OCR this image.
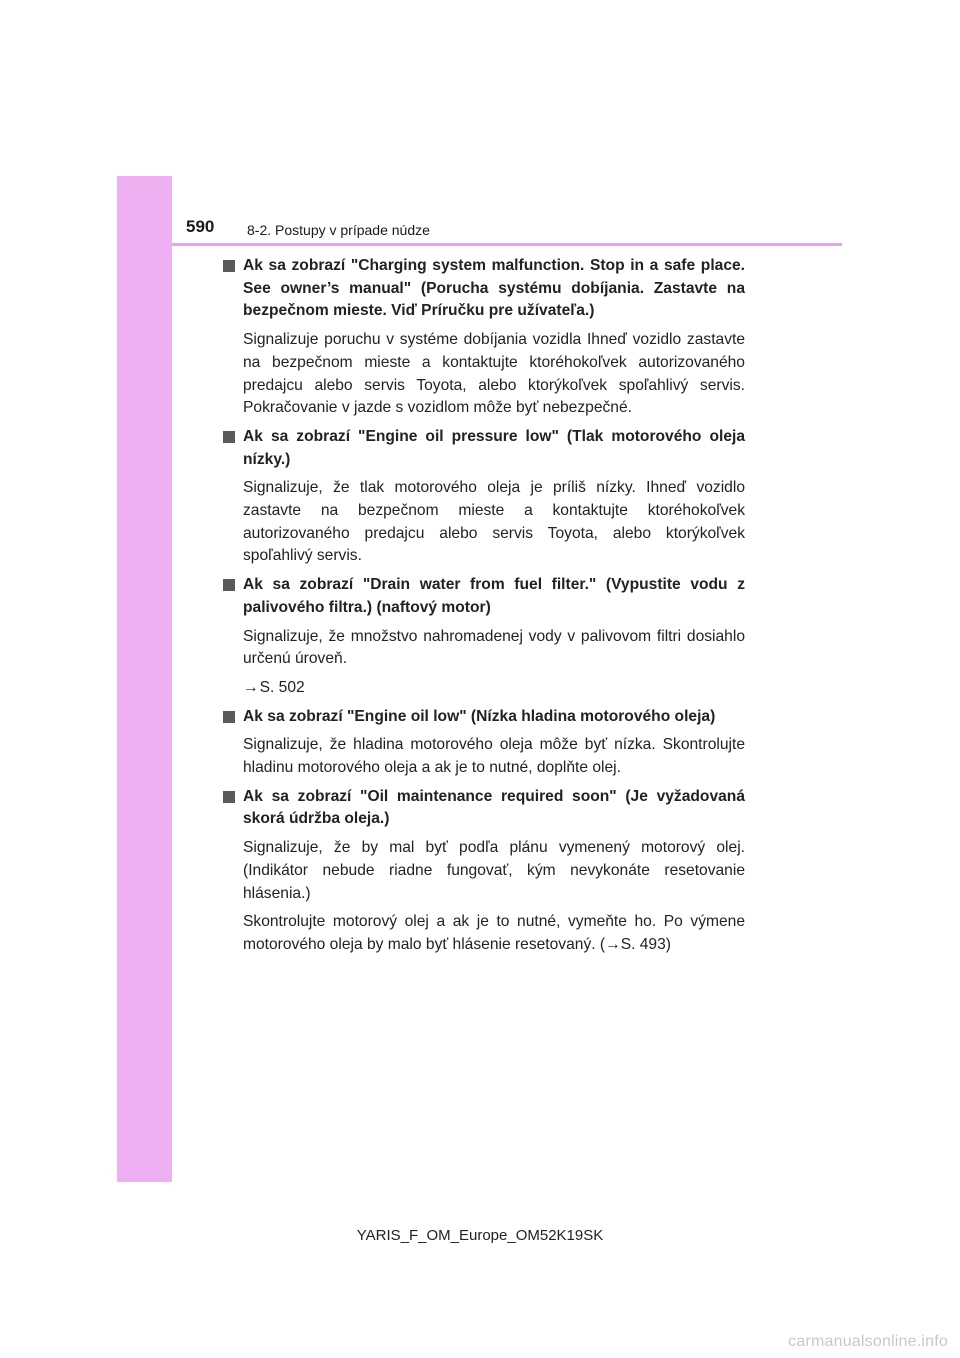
590 8-2. Postupy v prípade núdze
Ak sa zobrazí "Charging system malfunction. Stop in a safe place. See owner’s manual" (Porucha systému dobíjania. Zastavte na bezpečnom mieste. Viď Príručku pre užívateľa.)
Signalizuje poruchu v systéme dobíjania vozidla Ihneď vozidlo zastavte na bezpečnom mieste a kontaktujte ktoréhokoľvek autorizovaného predajcu alebo servis Toyota, alebo ktorýkoľvek spoľahlivý servis. Pokračovanie v jazde s vozidlom môže byť nebezpečné.
Ak sa zobrazí "Engine oil pressure low" (Tlak motorového oleja nízky.)
Signalizuje, že tlak motorového oleja je príliš nízky. Ihneď vozidlo zastavte na bezpečnom mieste a kontaktujte ktoréhokoľvek autorizovaného predajcu alebo servis Toyota, alebo ktorýkoľvek spoľahlivý servis.
Ak sa zobrazí "Drain water from fuel filter." (Vypustite vodu z palivového filtra.) (naftový motor)
Signalizuje, že množstvo nahromadenej vody v palivovom filtri dosiahlo určenú úroveň.
→S. 502
Ak sa zobrazí "Engine oil low" (Nízka hladina motorového oleja)
Signalizuje, že hladina motorového oleja môže byť nízka. Skontrolujte hladinu motorového oleja a ak je to nutné, doplňte olej.
Ak sa zobrazí "Oil maintenance required soon" (Je vyžadovaná skorá údržba oleja.)
Signalizuje, že by mal byť podľa plánu vymenený motorový olej. (Indikátor nebude riadne fungovať, kým nevykonáte resetovanie hlásenia.)
Skontrolujte motorový olej a ak je to nutné, vymeňte ho. Po výmene motorového oleja by malo byť hlásenie resetovaný. (→S. 493)
YARIS_F_OM_Europe_OM52K19SK
carmanualsonline.info
